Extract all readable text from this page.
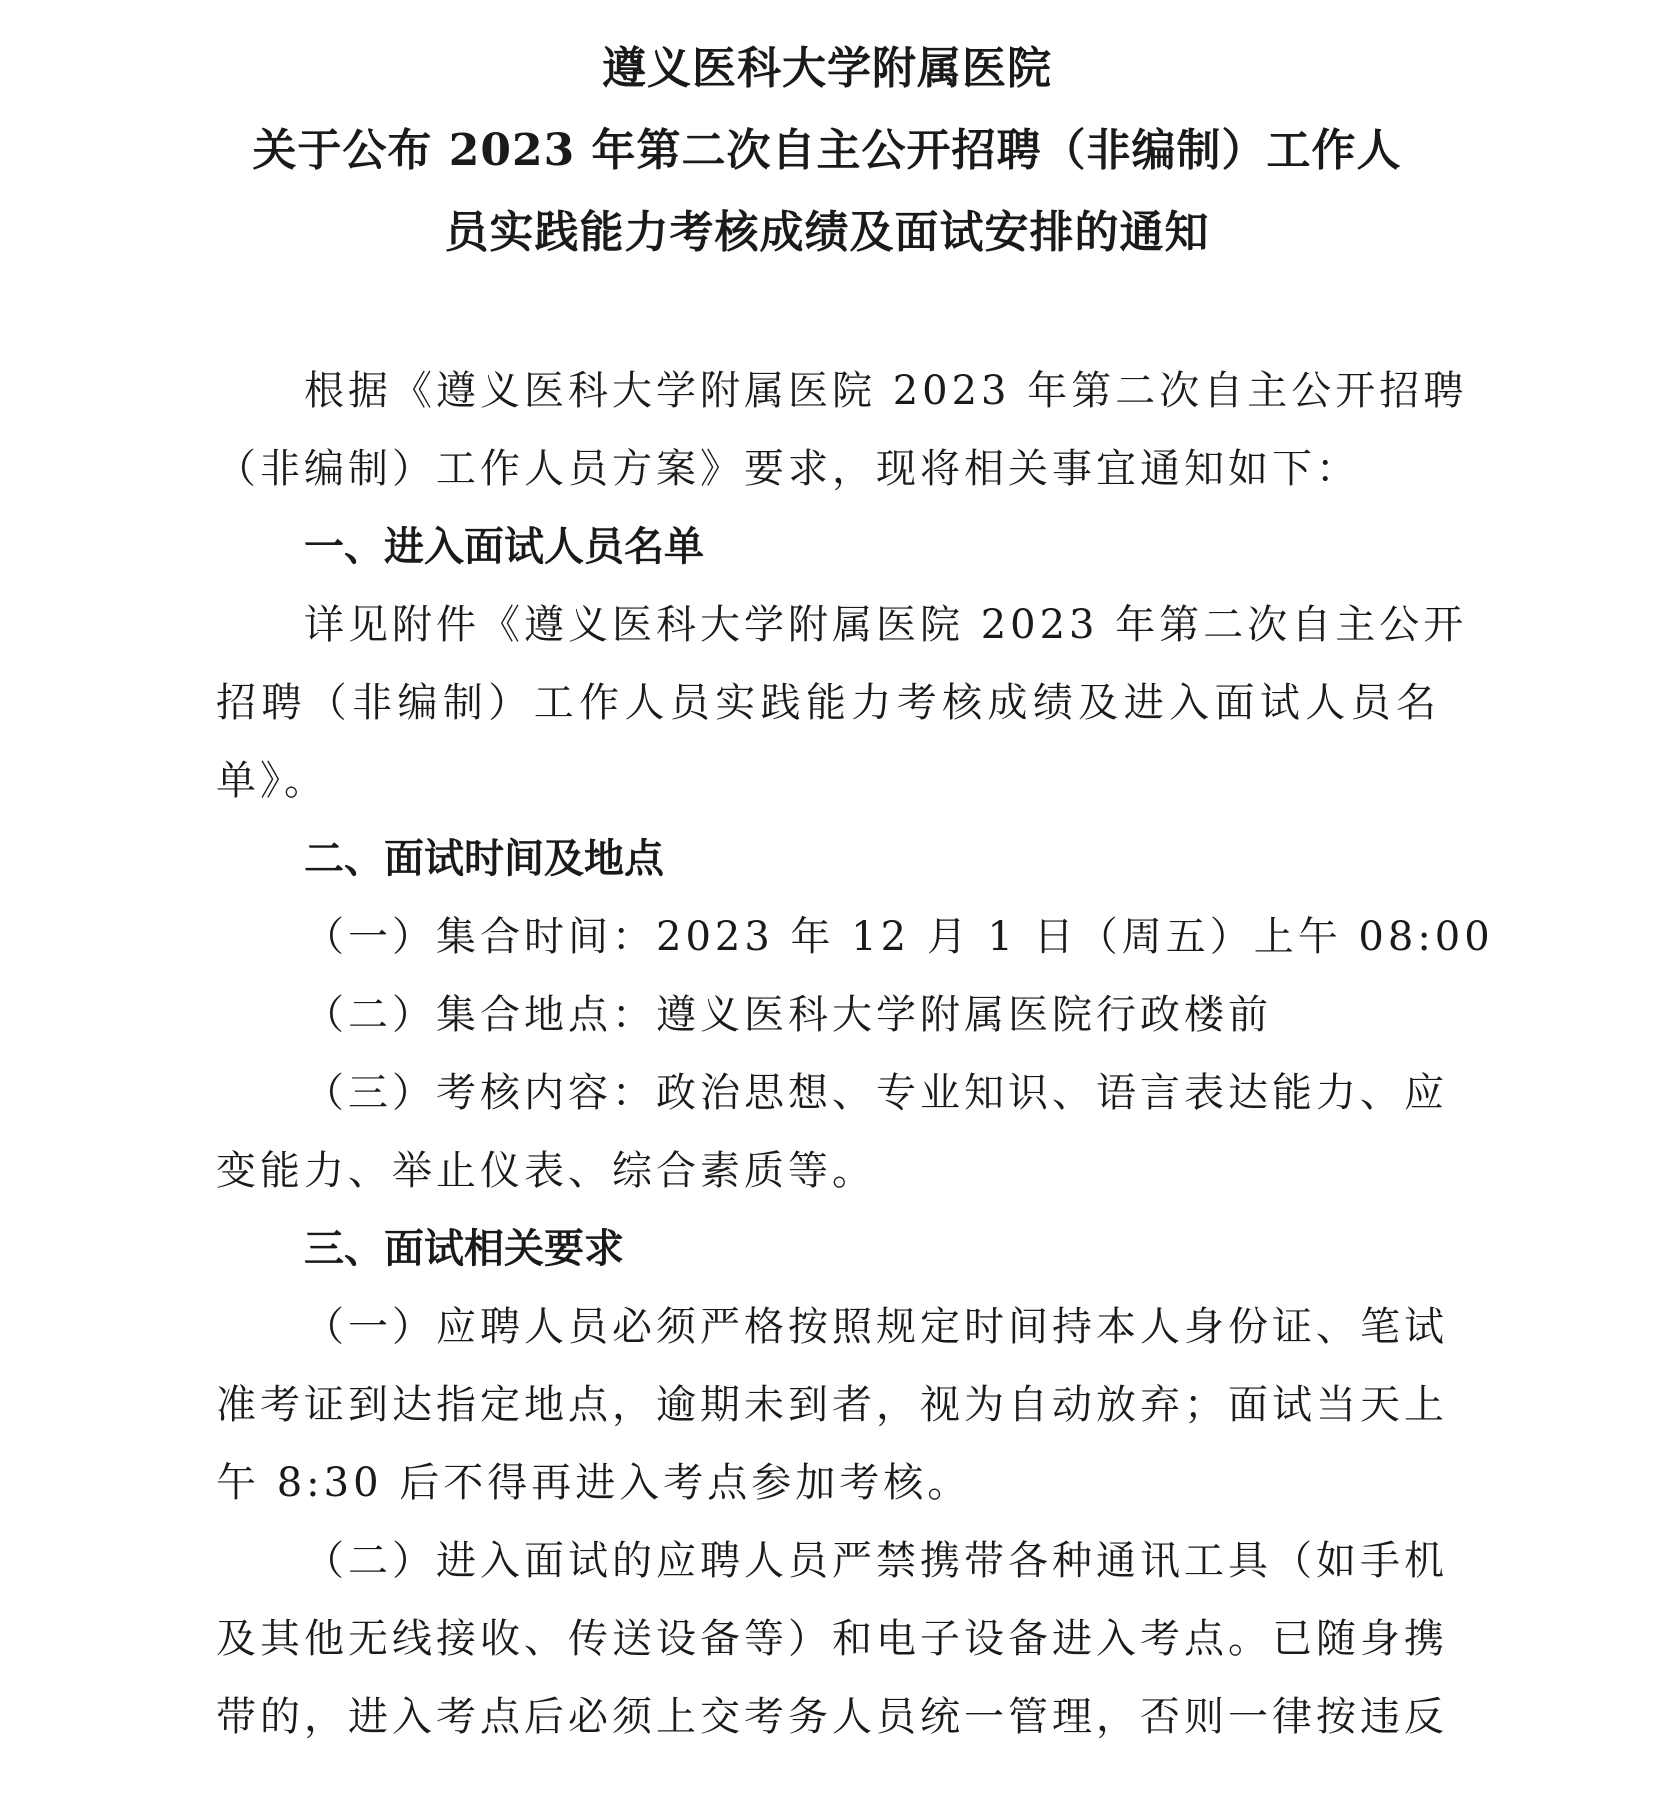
遵义医科大学附属医院
关于公布 2023 年第二次自主公开招聘（非编制）工作人
员实践能力考核成绩及面试安排的通知
根据《遵义医科大学附属医院 2023 年第二次自主公开招聘
（非编制）工作人员方案》要求，现将相关事宜通知如下：
一、进入面试人员名单
详见附件《遵义医科大学附属医院 2023 年第二次自主公开
招聘（非编制）工作人员实践能力考核成绩及进入面试人员名
单》。
二、面试时间及地点
（一）集合时间：2023 年 12 月 1 日（周五）上午 08:00
（二）集合地点：遵义医科大学附属医院行政楼前
（三）考核内容：政治思想、专业知识、语言表达能力、应
变能力、举止仪表、综合素质等。
三、面试相关要求
（一）应聘人员必须严格按照规定时间持本人身份证、笔试
准考证到达指定地点，逾期未到者，视为自动放弃；面试当天上
午 8:30 后不得再进入考点参加考核。
（二）进入面试的应聘人员严禁携带各种通讯工具（如手机
及其他无线接收、传送设备等）和电子设备进入考点。已随身携
带的，进入考点后必须上交考务人员统一管理，否则一律按违反
